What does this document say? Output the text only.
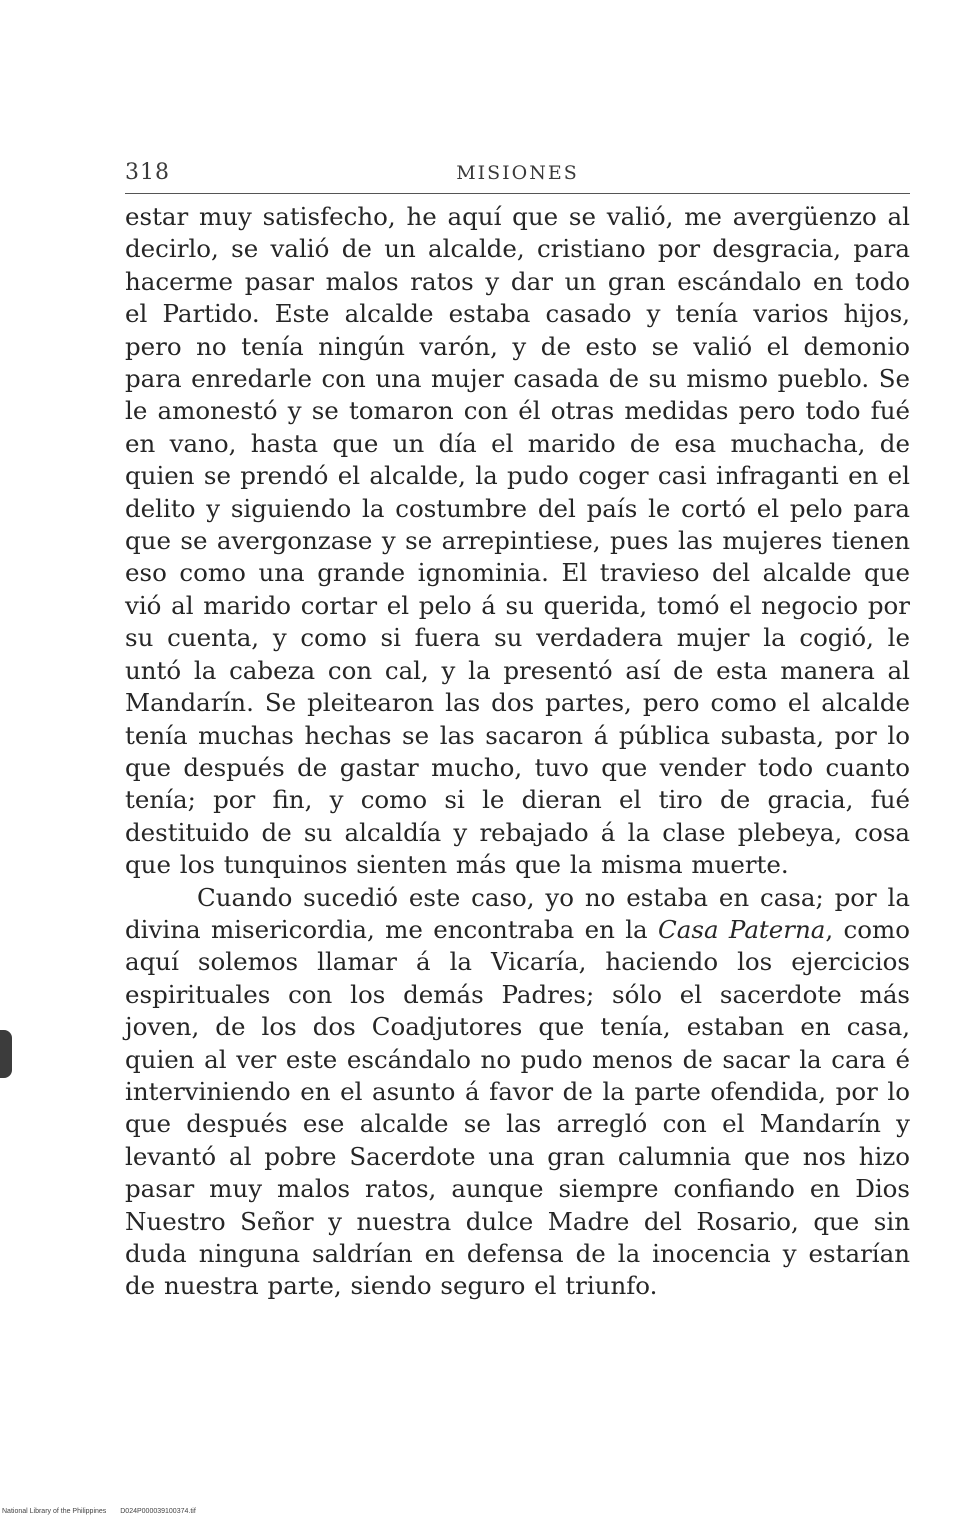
318	MISIONES

estar muy satisfecho, he aquí que se valió, me avergüenzo al decirlo, se valió de un alcalde, cristiano por desgracia, para hacerme pasar malos ratos y dar un gran escándalo en todo el Partido. Este alcalde estaba casado y tenía varios hijos, pero no tenía ningún varón, y de esto se valió el demonio para enredarle con una mujer casada de su mismo pueblo. Se le amonestó y se tomaron con él otras medidas pero todo fué en vano, hasta que un día el marido de esa muchacha, de quien se prendó el alcalde, la pudo coger casi infraganti en el delito y siguiendo la costumbre del país le cortó el pelo para que se avergonzase y se arrepintiese, pues las mujeres tienen eso como una grande ignominia. El travieso del alcalde que vió al marido cortar el pelo á su querida, tomó el negocio por su cuenta, y como si fuera su verdadera mujer la cogió, le untó la cabeza con cal, y la presentó así de esta manera al Mandarín. Se pleitearon las dos partes, pero como el alcalde tenía muchas hechas se las sacaron á pública subasta, por lo que después de gastar mucho, tuvo que vender todo cuanto tenía; por fin, y como si le dieran el tiro de gracia, fué destituido de su alcaldía y rebajado á la clase plebeya, cosa que los tunquinos sienten más que la misma muerte.

Cuando sucedió este caso, yo no estaba en casa; por la divina misericordia, me encontraba en la Casa Paterna, como aquí solemos llamar á la Vicaría, haciendo los ejercicios espirituales con los demás Padres; sólo el sacerdote más joven, de los dos Coadjutores que tenía, estaban en casa, quien al ver este escándalo no pudo menos de sacar la cara é interviniendo en el asunto á favor de la parte ofendida, por lo que después ese alcalde se las arregló con el Mandarín y levantó al pobre Sacerdote una gran calumnia que nos hizo pasar muy malos ratos, aunque siempre confiando en Dios Nuestro Señor y nuestra dulce Madre del Rosario, que sin duda ninguna saldrían en defensa de la inocencia y estarían de nuestra parte, siendo seguro el triunfo.

National Library of the Philippines D024P000039100374.tif
